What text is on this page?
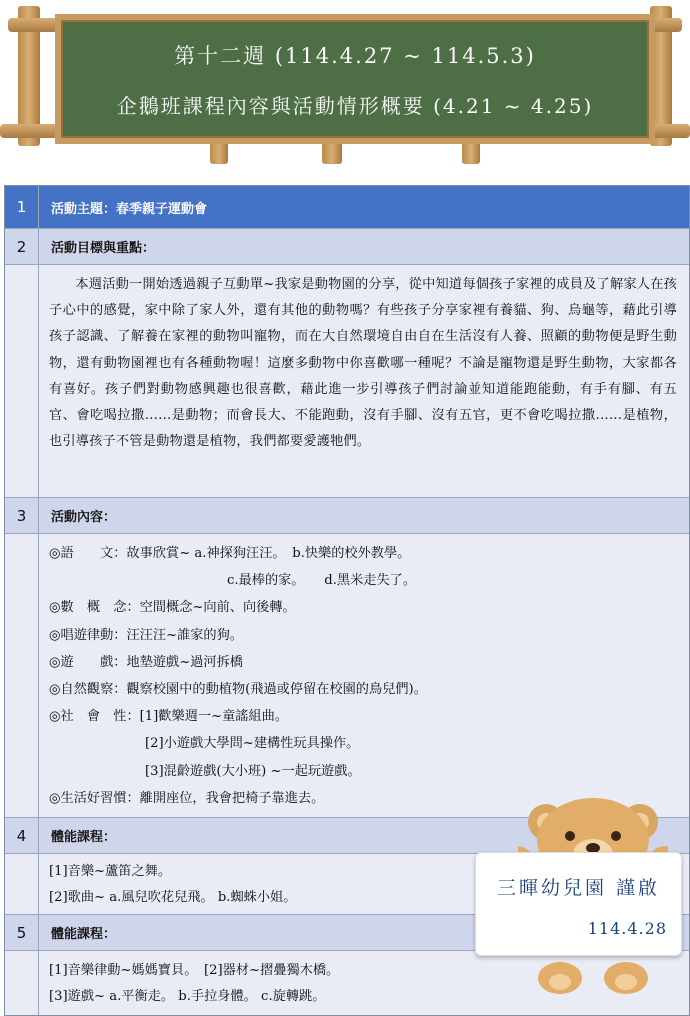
第十二週 (114.4.27 ~ 114.5.3)
企鵝班課程內容與活動情形概要 (4.21 ~ 4.25)
1	活動主題：春季親子運動會
2	活動目標與重點：

本週活動一開始透過親子互動單~我家是動物園的分享，從中知道每個孩子家裡的成員及了解家人在孩子心中的感覺，家中除了家人外，還有其他的動物嗎？有些孩子分享家裡有養貓、狗、烏龜等，藉此引導孩子認識、了解養在家裡的動物叫寵物，而在大自然環境自由自在生活沒有人養、照顧的動物便是野生動物，還有動物園裡也有各種動物喔！這麼多動物中你喜歡哪一種呢？不論是寵物還是野生動物，大家都各有喜好。孩子們對動物感興趣也很喜歡，藉此進一步引導孩子們討論並知道能跑能動，有手有腳、有五官、會吃喝拉撒……是動物；而會長大、不能跑動，沒有手腳、沒有五官，更不會吃喝拉撒……是植物，也引導孩子不管是動物還是植物，我們都要愛護牠們。

3	活動內容：
◎語　　文：故事欣賞~ a.神探狗汪汪。　b.快樂的校外教學。
c.最棒的家。　　d.黑米走失了。
◎數　概　念：空間概念~向前、向後轉。
◎唱遊律動：汪汪汪~誰家的狗。
◎遊　　戲：地墊遊戲~過河拆橋
◎自然觀察：觀察校園中的動植物(飛過或停留在校園的鳥兒們)。
◎社　會　性：[1]歡樂週一~童謠組曲。
[2]小遊戲大學問~建構性玩具操作。
[3]混齡遊戲(大小班) ~一起玩遊戲。
◎生活好習慣：離開座位，我會把椅子靠進去。
4	體能課程：
[1]音樂~蘆笛之舞。
[2]歌曲~ a.風兒吹花兒飛。 b.蜘蛛小姐。
5	體能課程：
[1]音樂律動~媽媽寶貝。　[2]器材~摺疊獨木橋。
[3]遊戲~ a.平衡走。 b.手拉身體。 c.旋轉跳。
三暉幼兒園 謹啟
114.4.28
